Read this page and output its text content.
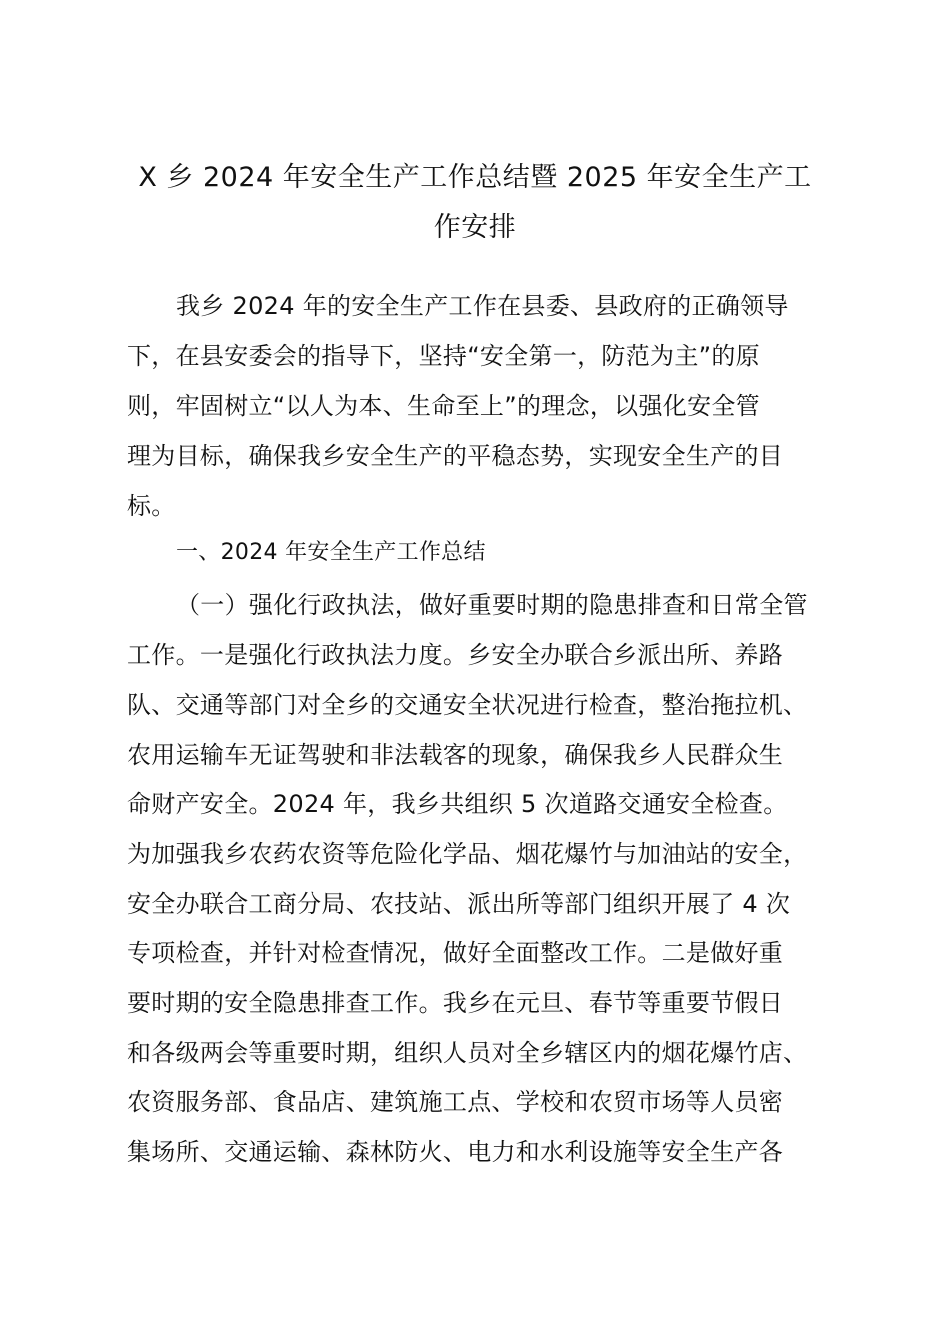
X 乡 2024 年安全生产工作总结暨 2025 年安全生产工
作安排
我乡 2024 年的安全生产工作在县委、县政府的正确领导
下，在县安委会的指导下，坚持“安全第一，防范为主”的原
则，牢固树立“以人为本、生命至上”的理念，以强化安全管
理为目标，确保我乡安全生产的平稳态势，实现安全生产的目
标。
一、2024 年安全生产工作总结
（一）强化行政执法，做好重要时期的隐患排查和日常全管
工作。一是强化行政执法力度。乡安全办联合乡派出所、养路
队、交通等部门对全乡的交通安全状况进行检查，整治拖拉机、
农用运输车无证驾驶和非法载客的现象，确保我乡人民群众生
命财产安全。2024 年，我乡共组织 5 次道路交通安全检查。
为加强我乡农药农资等危险化学品、烟花爆竹与加油站的安全，
安全办联合工商分局、农技站、派出所等部门组织开展了 4 次
专项检查，并针对检查情况，做好全面整改工作。二是做好重
要时期的安全隐患排查工作。我乡在元旦、春节等重要节假日
和各级两会等重要时期，组织人员对全乡辖区内的烟花爆竹店、
农资服务部、食品店、建筑施工点、学校和农贸市场等人员密
集场所、交通运输、森林防火、电力和水利设施等安全生产各
